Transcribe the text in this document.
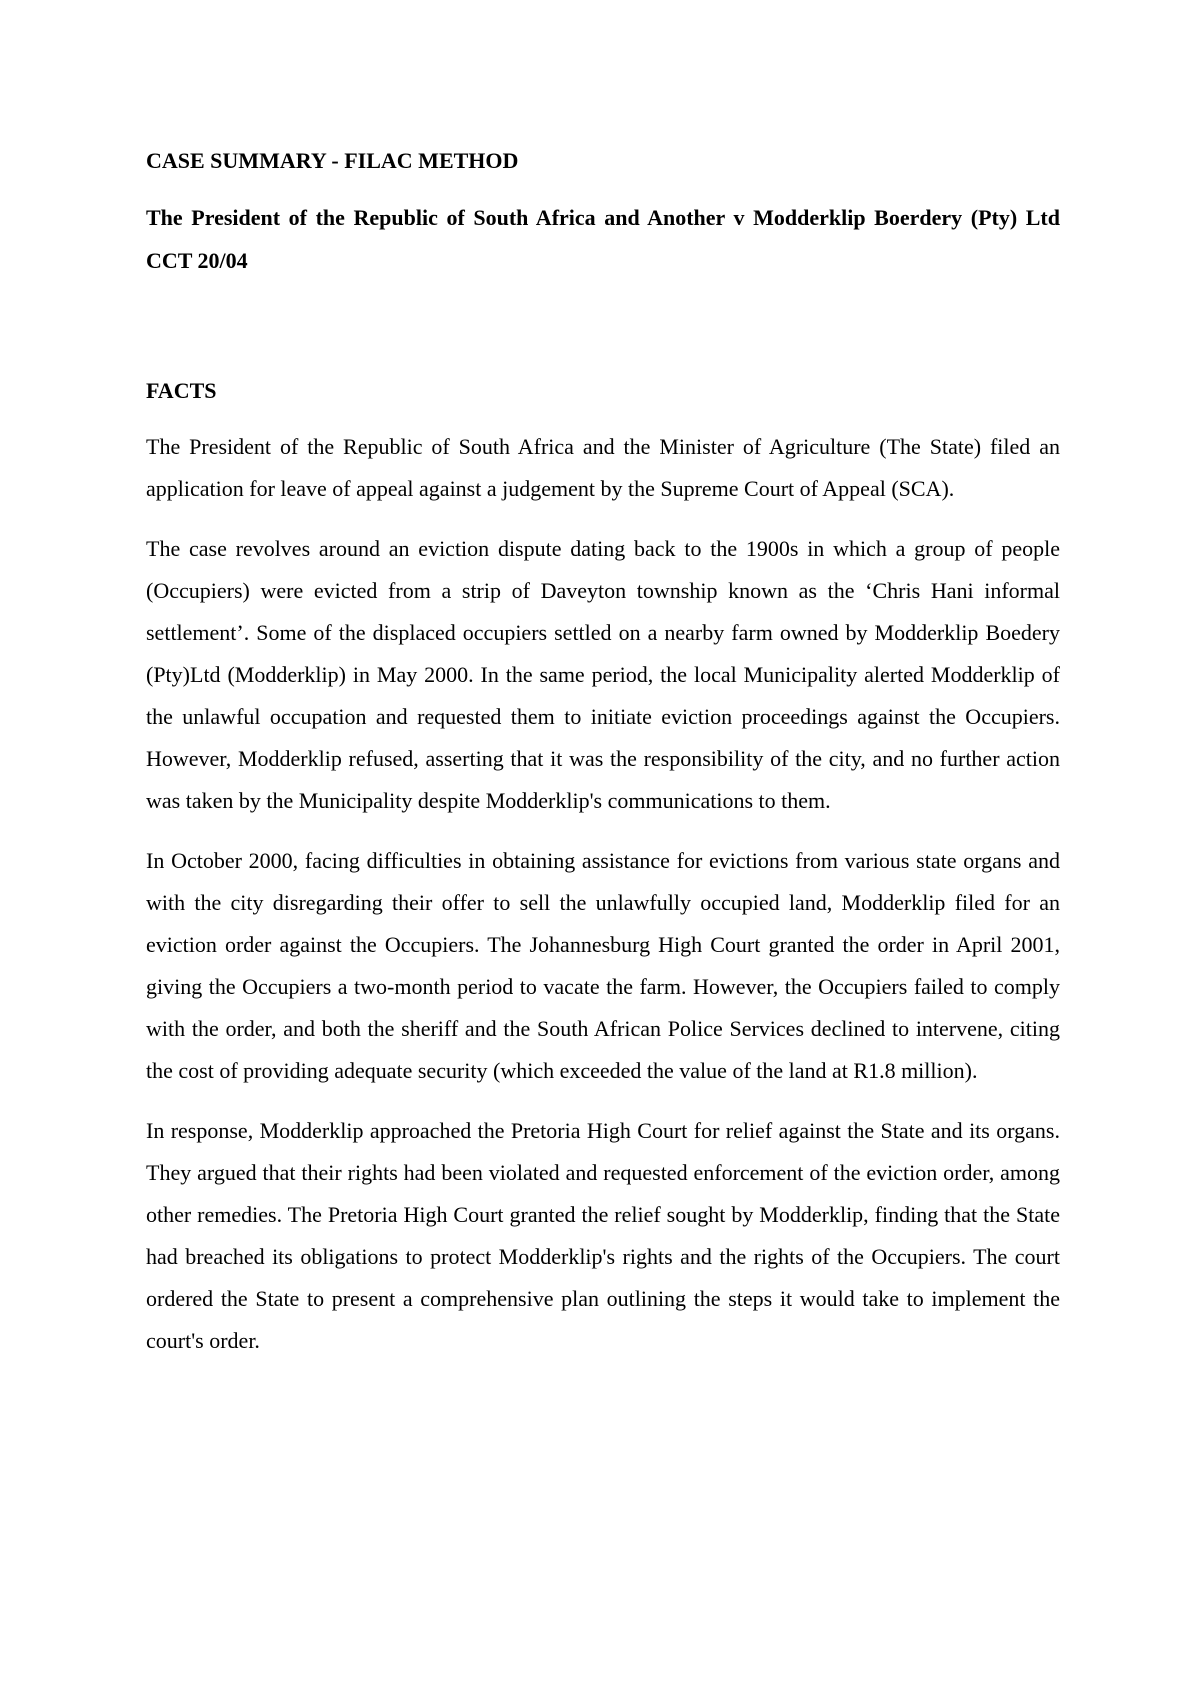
CASE SUMMARY - FILAC METHOD

The President of the Republic of South Africa and Another v Modderklip Boerdery (Pty) Ltd CCT 20/04

FACTS

The President of the Republic of South Africa and the Minister of Agriculture (The State) filed an application for leave of appeal against a judgement by the Supreme Court of Appeal (SCA).

The case revolves around an eviction dispute dating back to the 1900s in which a group of people (Occupiers) were evicted from a strip of Daveyton township known as the ‘Chris Hani informal settlement’. Some of the displaced occupiers settled on a nearby farm owned by Modderklip Boedery (Pty)Ltd (Modderklip) in May 2000. In the same period, the local Municipality alerted Modderklip of the unlawful occupation and requested them to initiate eviction proceedings against the Occupiers. However, Modderklip refused, asserting that it was the responsibility of the city, and no further action was taken by the Municipality despite Modderklip's communications to them.

In October 2000, facing difficulties in obtaining assistance for evictions from various state organs and with the city disregarding their offer to sell the unlawfully occupied land, Modderklip filed for an eviction order against the Occupiers. The Johannesburg High Court granted the order in April 2001, giving the Occupiers a two-month period to vacate the farm. However, the Occupiers failed to comply with the order, and both the sheriff and the South African Police Services declined to intervene, citing the cost of providing adequate security (which exceeded the value of the land at R1.8 million).

In response, Modderklip approached the Pretoria High Court for relief against the State and its organs. They argued that their rights had been violated and requested enforcement of the eviction order, among other remedies. The Pretoria High Court granted the relief sought by Modderklip, finding that the State had breached its obligations to protect Modderklip's rights and the rights of the Occupiers. The court ordered the State to present a comprehensive plan outlining the steps it would take to implement the court's order.
